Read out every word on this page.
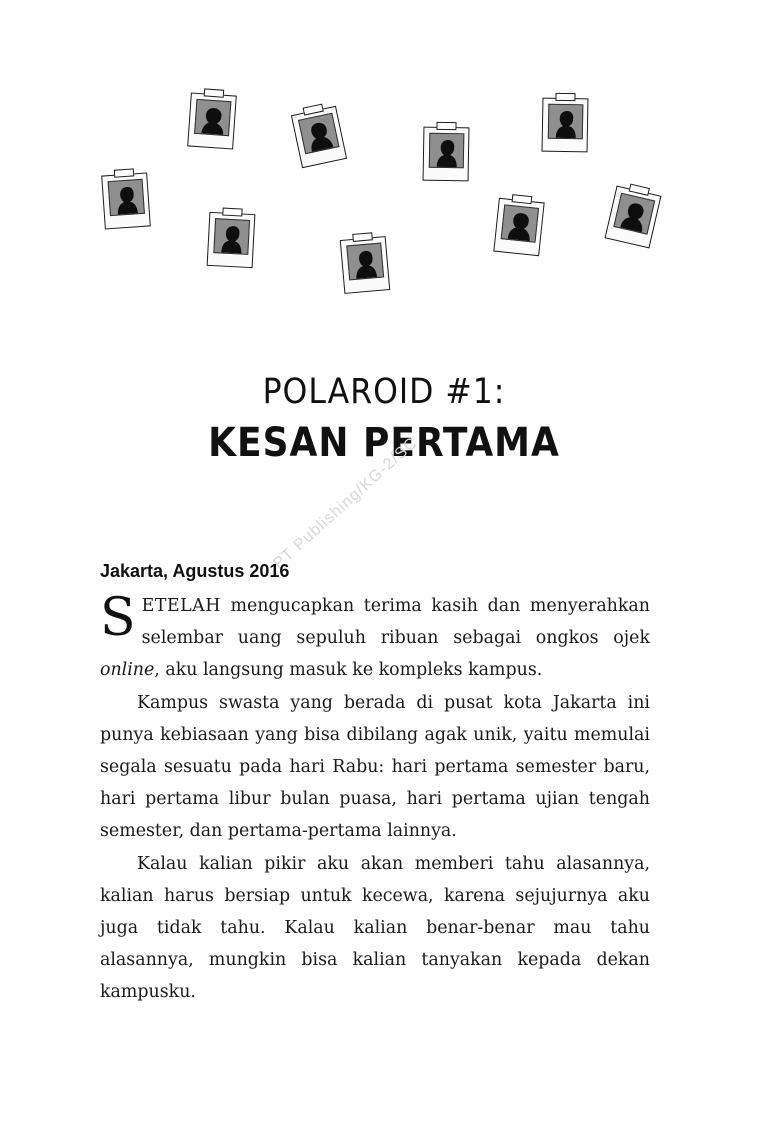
POLAROID #1:
KESAN PERTAMA
PT Publishing/KG-2/SC
Jakarta, Agustus 2016

SETELAH mengucapkan terima kasih dan menyerahkan selembar uang sepuluh ribuan sebagai ongkos ojek online, aku langsung masuk ke kompleks kampus.

Kampus swasta yang berada di pusat kota Jakarta ini punya kebiasaan yang bisa dibilang agak unik, yaitu memulai segala sesuatu pada hari Rabu: hari pertama semester baru, hari pertama libur bulan puasa, hari pertama ujian tengah semester, dan pertama-pertama lainnya.

Kalau kalian pikir aku akan memberi tahu alasannya, kalian harus bersiap untuk kecewa, karena sejujurnya aku juga tidak tahu. Kalau kalian benar-benar mau tahu alasannya, mungkin bisa kalian tanyakan kepada dekan kampusku.
